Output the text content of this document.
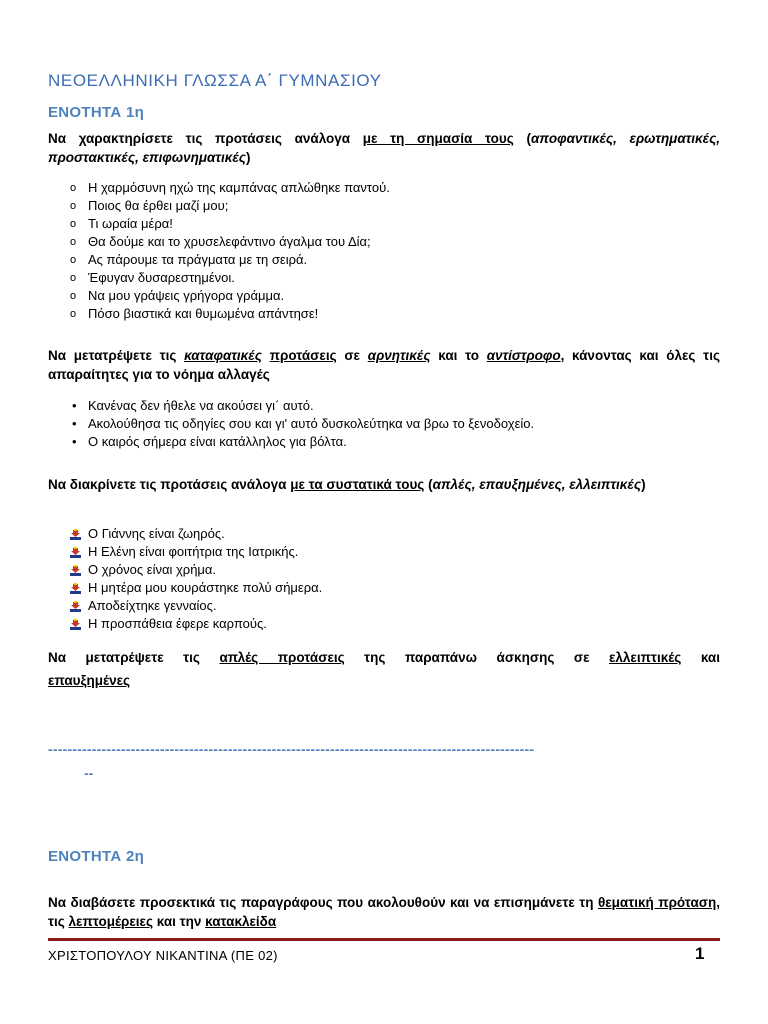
ΝΕΟΕΛΛΗΝΙΚΗ ΓΛΩΣΣΑ Α΄ ΓΥΜΝΑΣΙΟΥ
ΕΝΟΤΗΤΑ 1η
Να χαρακτηρίσετε τις προτάσεις ανάλογα με τη σημασία τους (αποφαντικές, ερωτηματικές, προστακτικές, επιφωνηματικές)
o Η χαρμόσυνη ηχώ της καμπάνας απλώθηκε παντού.
o Ποιος θα έρθει μαζί μου;
o Τι ωραία μέρα!
o Θα δούμε και το χρυσελεφάντινο άγαλμα του Δία;
o Ας πάρουμε τα πράγματα με τη σειρά.
o Έφυγαν δυσαρεστημένοι.
o Να μου γράψεις γρήγορα γράμμα.
o Πόσο βιαστικά και θυμωμένα απάντησε!
Να μετατρέψετε τις καταφατικές προτάσεις σε αρνητικές και το αντίστροφο, κάνοντας και όλες τις απαραίτητες για το νόημα αλλαγές
• Κανένας δεν ήθελε να ακούσει γι΄ αυτό.
• Ακολούθησα τις οδηγίες σου και γι' αυτό δυσκολεύτηκα να βρω το ξενοδοχείο.
• Ο καιρός σήμερα είναι κατάλληλος για βόλτα.
Να διακρίνετε τις προτάσεις ανάλογα με τα συστατικά τους (απλές, επαυξημένες, ελλειπτικές)
Ο Γιάννης είναι ζωηρός.
Η Ελένη είναι φοιτήτρια της Ιατρικής.
Ο χρόνος είναι χρήμα.
Η μητέρα μου κουράστηκε πολύ σήμερα.
Αποδείχτηκε γενναίος.
Η προσπάθεια έφερε καρπούς.
Να μετατρέψετε τις απλές προτάσεις της παραπάνω άσκησης σε ελλειπτικές και
επαυξημένες
----------------------------------------------------------------------------------------------------
--
ΕΝΟΤΗΤΑ 2η
Να διαβάσετε προσεκτικά τις παραγράφους που ακολουθούν και να επισημάνετε τη θεματική πρόταση, τις λεπτομέρειες και την κατακλείδα
ΧΡΙΣΤΟΠΟΥΛΟΥ ΝΙΚΑΝΤΙΝΑ (ΠΕ 02)	1
